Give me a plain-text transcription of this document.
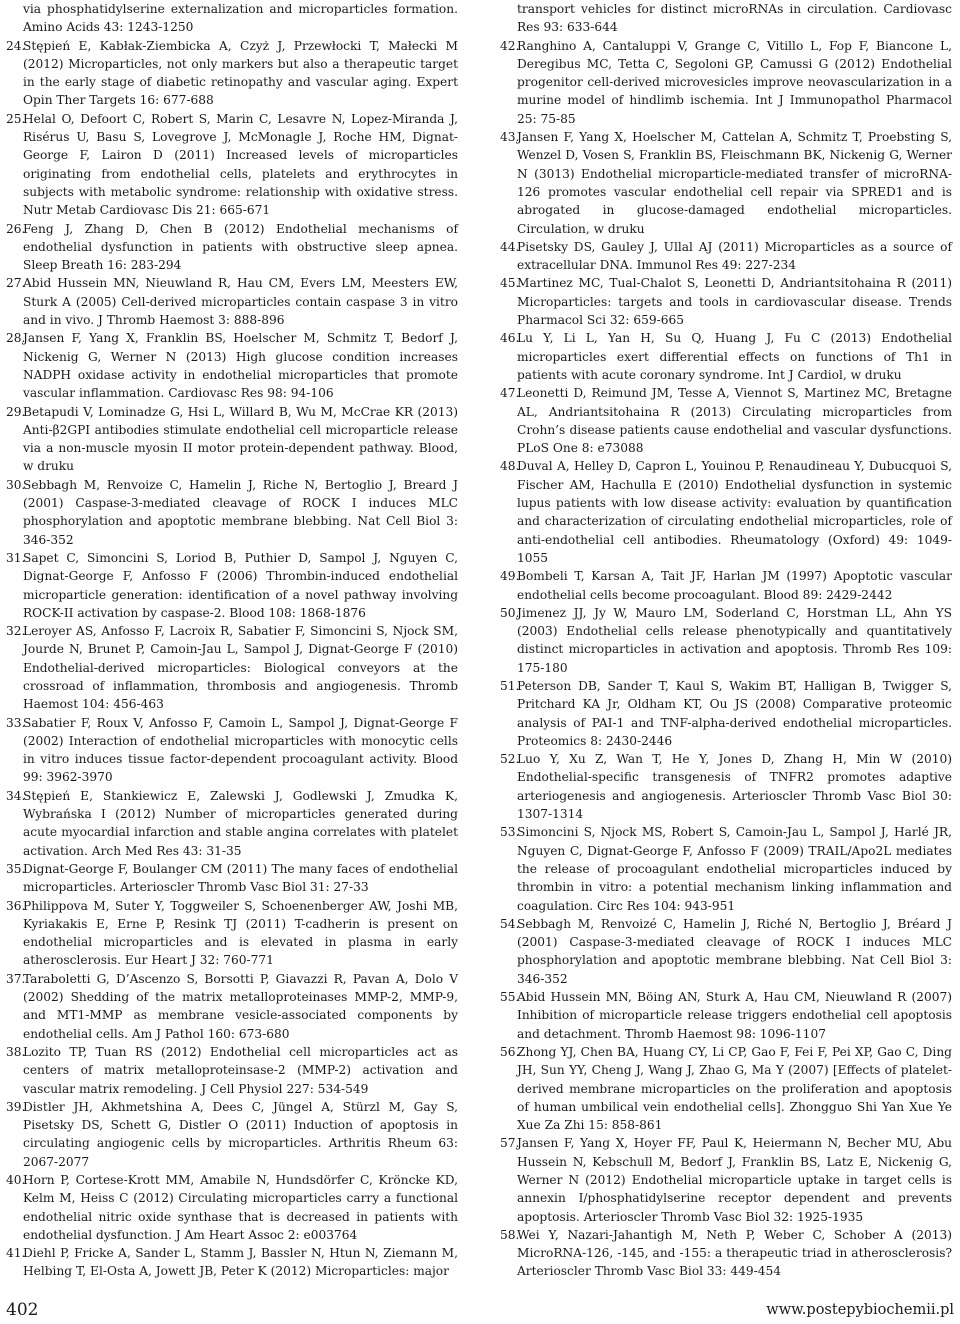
via phosphatidylserine externalization and microparticles formation. Amino Acids 43: 1243-1250
24.
Stępień E, Kabłak-Ziembicka A, Czyż J, Przewłocki T, Małecki M (2012) Microparticles, not only markers but also a therapeutic target in the early stage of diabetic retinopathy and vascular aging. Expert Opin Ther Targets 16: 677-688
25.
Helal O, Defoort C, Robert S, Marin C, Lesavre N, Lopez-Miranda J, Risérus U, Basu S, Lovegrove J, McMonagle J, Roche HM, Dignat-George F, Lairon D (2011) Increased levels of microparticles originating from endothelial cells, platelets and erythrocytes in subjects with metabolic syndrome: relationship with oxidative stress. Nutr Metab Cardiovasc Dis 21: 665-671
26.
Feng J, Zhang D, Chen B (2012) Endothelial mechanisms of endothelial dysfunction in patients with obstructive sleep apnea. Sleep Breath 16: 283-294
27.
Abid Hussein MN, Nieuwland R, Hau CM, Evers LM, Meesters EW, Sturk A (2005) Cell-derived microparticles contain caspase 3 in vitro and in vivo. J Thromb Haemost 3: 888-896
28.
Jansen F, Yang X, Franklin BS, Hoelscher M, Schmitz T, Bedorf J, Nickenig G, Werner N (2013) High glucose condition increases NADPH oxidase activity in endothelial microparticles that promote vascular inflammation. Cardiovasc Res 98: 94-106
29.
Betapudi V, Lominadze G, Hsi L, Willard B, Wu M, McCrae KR (2013) Anti-β2GPI antibodies stimulate endothelial cell microparticle release via a non-muscle myosin II motor protein-dependent pathway. Blood, w druku
30.
Sebbagh M, Renvoize C, Hamelin J, Riche N, Bertoglio J, Breard J (2001) Caspase-3-mediated cleavage of ROCK I induces MLC phosphorylation and apoptotic membrane blebbing. Nat Cell Biol 3: 346-352
31.
Sapet C, Simoncini S, Loriod B, Puthier D, Sampol J, Nguyen C, Dignat-George F, Anfosso F (2006) Thrombin-induced endothelial microparticle generation: identification of a novel pathway involving ROCK-II activation by caspase-2. Blood 108: 1868-1876
32.
Leroyer AS, Anfosso F, Lacroix R, Sabatier F, Simoncini S, Njock SM, Jourde N, Brunet P, Camoin-Jau L, Sampol J, Dignat-George F (2010) Endothelial-derived microparticles: Biological conveyors at the crossroad of inflammation, thrombosis and angiogenesis. Thromb Haemost 104: 456-463
33.
Sabatier F, Roux V, Anfosso F, Camoin L, Sampol J, Dignat-George F (2002) Interaction of endothelial microparticles with monocytic cells in vitro induces tissue factor-dependent procoagulant activity. Blood 99: 3962-3970
34.
Stępień E, Stankiewicz E, Zalewski J, Godlewski J, Zmudka K, Wybrańska I (2012) Number of microparticles generated during acute myocardial infarction and stable angina correlates with platelet activation. Arch Med Res 43: 31-35
35.
Dignat-George F, Boulanger CM (2011) The many faces of endothelial microparticles. Arterioscler Thromb Vasc Biol 31: 27-33
36.
Philippova M, Suter Y, Toggweiler S, Schoenenberger AW, Joshi MB, Kyriakakis E, Erne P, Resink TJ (2011) T-cadherin is present on endothelial microparticles and is elevated in plasma in early atherosclerosis. Eur Heart J 32: 760-771
37.
Taraboletti G, D’Ascenzo S, Borsotti P, Giavazzi R, Pavan A, Dolo V (2002) Shedding of the matrix metalloproteinases MMP-2, MMP-9, and MT1-MMP as membrane vesicle-associated components by endothelial cells. Am J Pathol 160: 673-680
38.
Lozito TP, Tuan RS (2012) Endothelial cell microparticles act as centers of matrix metalloproteinsase-2 (MMP-2) activation and vascular matrix remodeling. J Cell Physiol 227: 534-549
39.
Distler JH, Akhmetshina A, Dees C, Jüngel A, Stürzl M, Gay S, Pisetsky DS, Schett G, Distler O (2011) Induction of apoptosis in circulating angiogenic cells by microparticles. Arthritis Rheum 63: 2067-2077
40.
Horn P, Cortese-Krott MM, Amabile N, Hundsdörfer C, Kröncke KD, Kelm M, Heiss C (2012) Circulating microparticles carry a functional endothelial nitric oxide synthase that is decreased in patients with endothelial dysfunction. J Am Heart Assoc 2: e003764
41.
Diehl P, Fricke A, Sander L, Stamm J, Bassler N, Htun N, Ziemann M, Helbing T, El-Osta A, Jowett JB, Peter K (2012) Microparticles: major
transport vehicles for distinct microRNAs in circulation. Cardiovasc Res 93: 633-644
42.
Ranghino A, Cantaluppi V, Grange C, Vitillo L, Fop F, Biancone L, Deregibus MC, Tetta C, Segoloni GP, Camussi G (2012) Endothelial progenitor cell-derived microvesicles improve neovascularization in a murine model of hindlimb ischemia. Int J Immunopathol Pharmacol 25: 75-85
43.
Jansen F, Yang X, Hoelscher M, Cattelan A, Schmitz T, Proebsting S, Wenzel D, Vosen S, Franklin BS, Fleischmann BK, Nickenig G, Werner N (3013) Endothelial microparticle-mediated transfer of microRNA-126 promotes vascular endothelial cell repair via SPRED1 and is abrogated in glucose-damaged endothelial microparticles. Circulation, w druku
44.
Pisetsky DS, Gauley J, Ullal AJ (2011) Microparticles as a source of extracellular DNA. Immunol Res 49: 227-234
45.
Martinez MC, Tual-Chalot S, Leonetti D, Andriantsitohaina R (2011) Microparticles: targets and tools in cardiovascular disease. Trends Pharmacol Sci 32: 659-665
46.
Lu Y, Li L, Yan H, Su Q, Huang J, Fu C (2013) Endothelial microparticles exert differential effects on functions of Th1 in patients with acute coronary syndrome. Int J Cardiol, w druku
47.
Leonetti D, Reimund JM, Tesse A, Viennot S, Martinez MC, Bretagne AL, Andriantsitohaina R (2013) Circulating microparticles from Crohn’s disease patients cause endothelial and vascular dysfunctions. PLoS One 8: e73088
48.
Duval A, Helley D, Capron L, Youinou P, Renaudineau Y, Dubucquoi S, Fischer AM, Hachulla E (2010) Endothelial dysfunction in systemic lupus patients with low disease activity: evaluation by quantification and characterization of circulating endothelial microparticles, role of anti-endothelial cell antibodies. Rheumatology (Oxford) 49: 1049-1055
49.
Bombeli T, Karsan A, Tait JF, Harlan JM (1997) Apoptotic vascular endothelial cells become procoagulant. Blood 89: 2429-2442
50.
Jimenez JJ, Jy W, Mauro LM, Soderland C, Horstman LL, Ahn YS (2003) Endothelial cells release phenotypically and quantitatively distinct microparticles in activation and apoptosis. Thromb Res 109: 175-180
51.
Peterson DB, Sander T, Kaul S, Wakim BT, Halligan B, Twigger S, Pritchard KA Jr, Oldham KT, Ou JS (2008) Comparative proteomic analysis of PAI-1 and TNF-alpha-derived endothelial microparticles. Proteomics 8: 2430-2446
52.
Luo Y, Xu Z, Wan T, He Y, Jones D, Zhang H, Min W (2010) Endothelial-specific transgenesis of TNFR2 promotes adaptive arteriogenesis and angiogenesis. Arterioscler Thromb Vasc Biol 30: 1307-1314
53.
Simoncini S, Njock MS, Robert S, Camoin-Jau L, Sampol J, Harlé JR, Nguyen C, Dignat-George F, Anfosso F (2009) TRAIL/Apo2L mediates the release of procoagulant endothelial microparticles induced by thrombin in vitro: a potential mechanism linking inflammation and coagulation. Circ Res 104: 943-951
54.
Sebbagh M, Renvoizé C, Hamelin J, Riché N, Bertoglio J, Bréard J (2001) Caspase-3-mediated cleavage of ROCK I induces MLC phosphorylation and apoptotic membrane blebbing. Nat Cell Biol 3: 346-352
55.
Abid Hussein MN, Böing AN, Sturk A, Hau CM, Nieuwland R (2007) Inhibition of microparticle release triggers endothelial cell apoptosis and detachment. Thromb Haemost 98: 1096-1107
56.
Zhong YJ, Chen BA, Huang CY, Li CP, Gao F, Fei F, Pei XP, Gao C, Ding JH, Sun YY, Cheng J, Wang J, Zhao G, Ma Y (2007) [Effects of platelet-derived membrane microparticles on the proliferation and apoptosis of human umbilical vein endothelial cells]. Zhongguo Shi Yan Xue Ye Xue Za Zhi 15: 858-861
57.
Jansen F, Yang X, Hoyer FF, Paul K, Heiermann N, Becher MU, Abu Hussein N, Kebschull M, Bedorf J, Franklin BS, Latz E, Nickenig G, Werner N (2012) Endothelial microparticle uptake in target cells is annexin I/phosphatidylserine receptor dependent and prevents apoptosis. Arterioscler Thromb Vasc Biol 32: 1925-1935
58.
Wei Y, Nazari-Jahantigh M, Neth P, Weber C, Schober A (2013) MicroRNA-126, -145, and -155: a therapeutic triad in atherosclerosis? Arterioscler Thromb Vasc Biol 33: 449-454
402	www.postepybiochemii.pl
